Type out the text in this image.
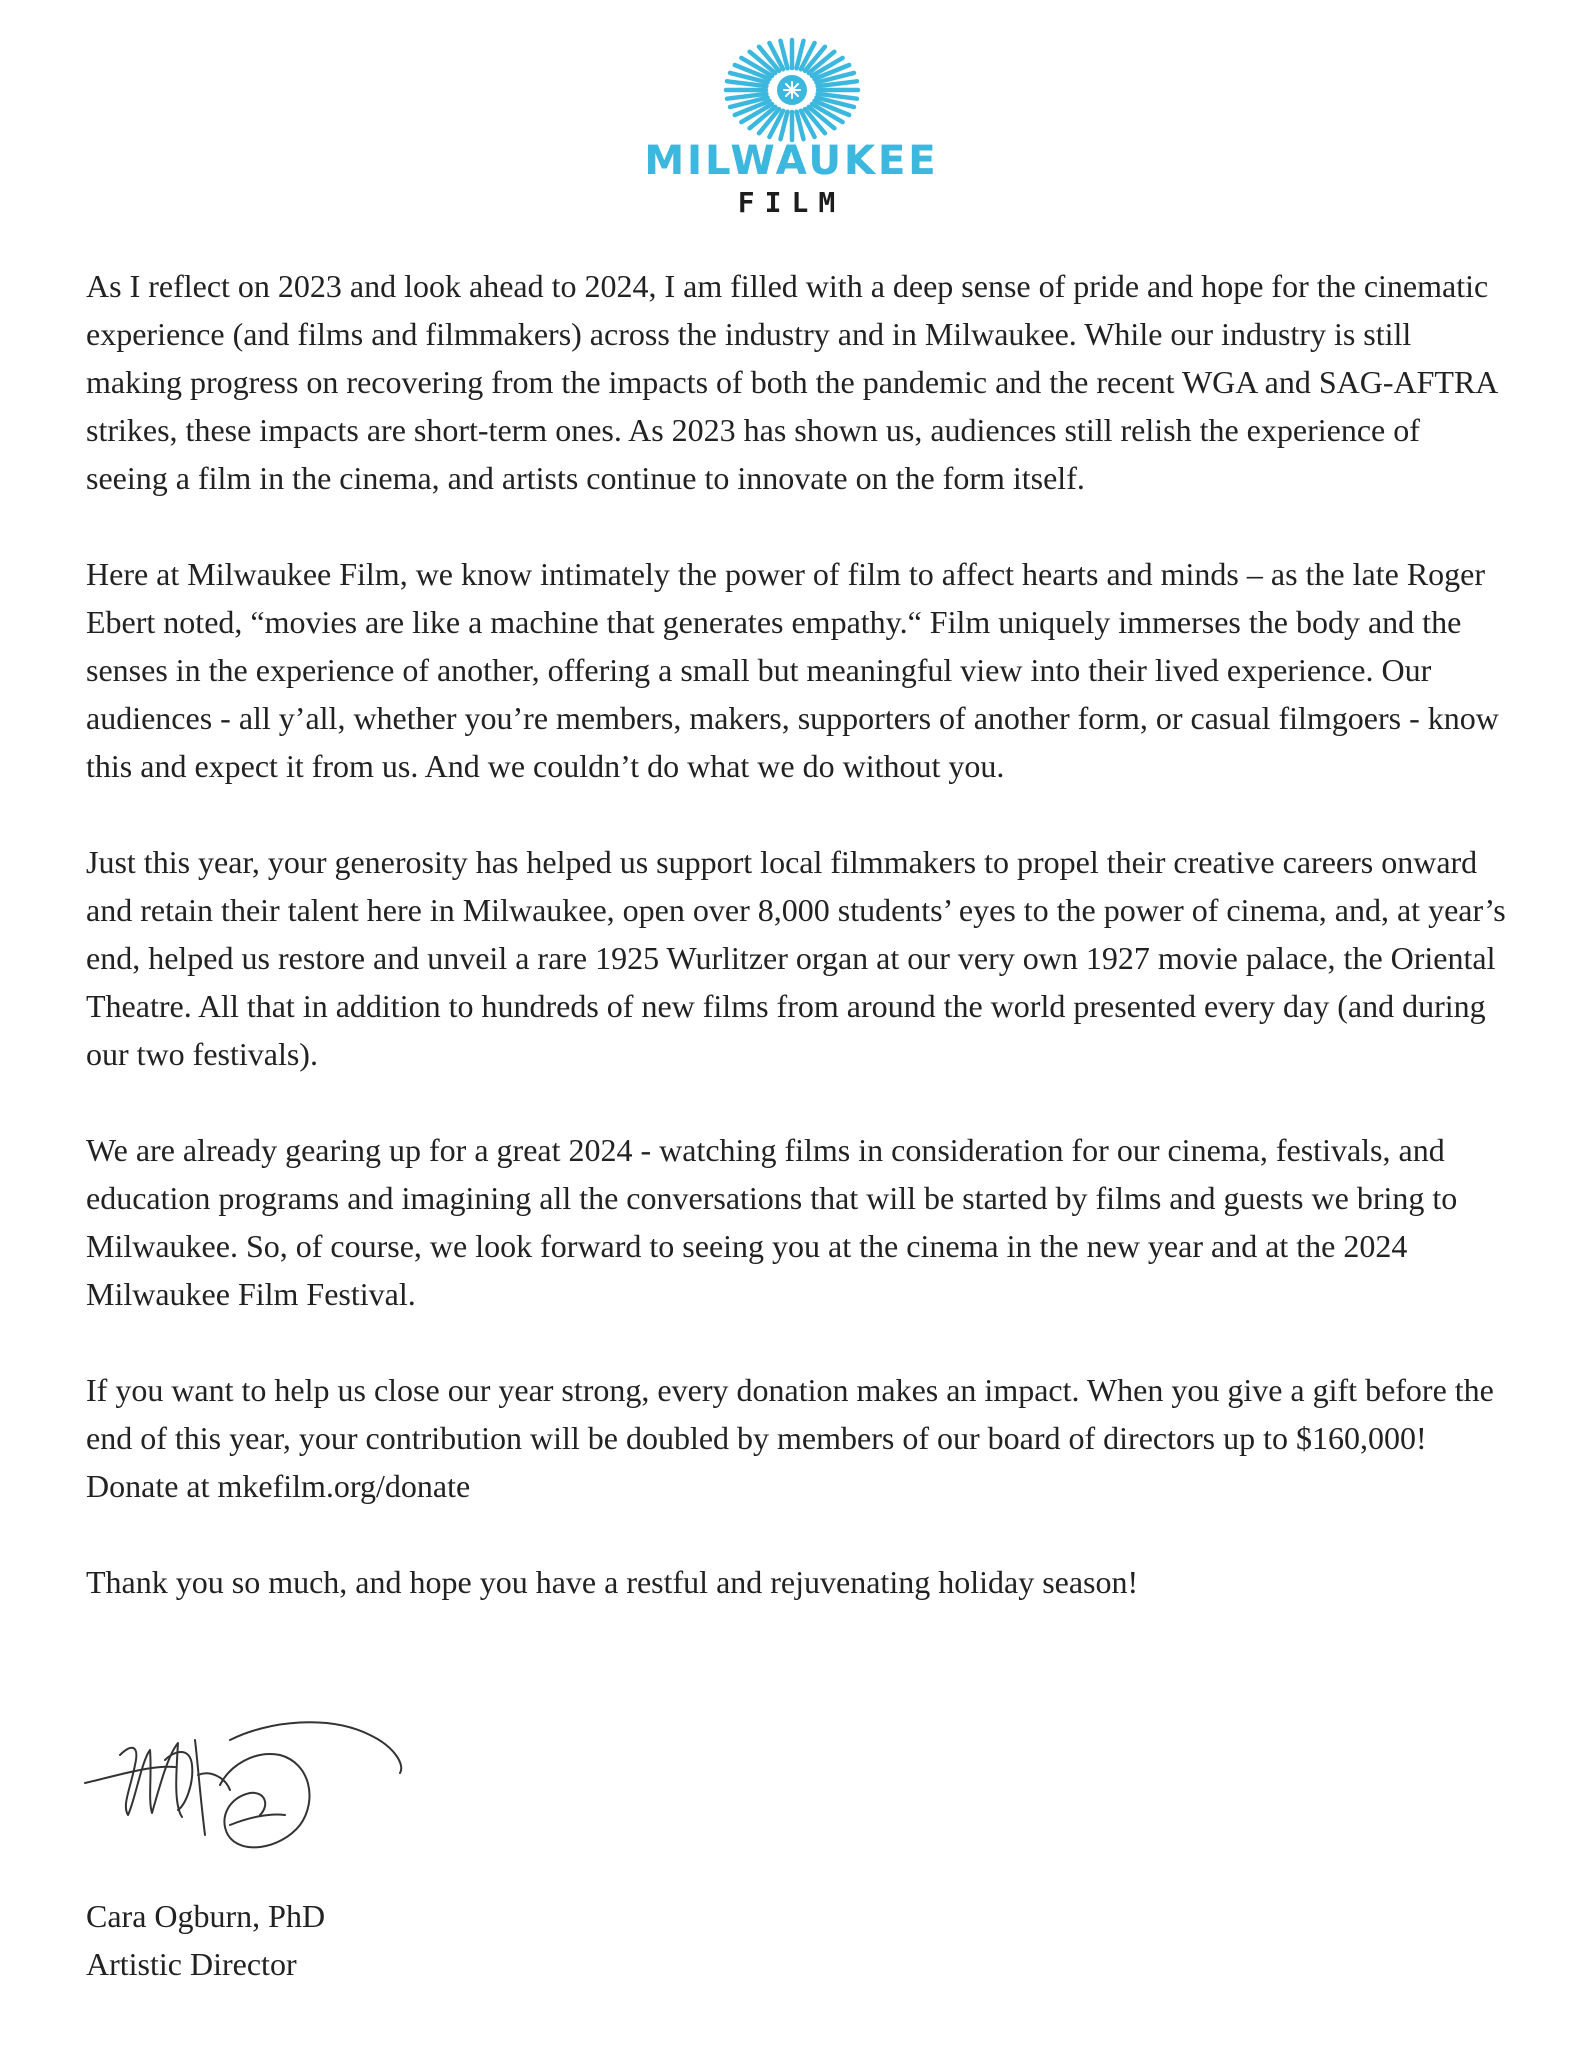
MILWAUKEE
FILM

As I reflect on 2023 and look ahead to 2024, I am filled with a deep sense of pride and hope for the cinematic experience (and films and filmmakers) across the industry and in Milwaukee. While our industry is still making progress on recovering from the impacts of both the pandemic and the recent WGA and SAG-AFTRA strikes, these impacts are short-term ones. As 2023 has shown us, audiences still relish the experience of seeing a film in the cinema, and artists continue to innovate on the form itself.

Here at Milwaukee Film, we know intimately the power of film to affect hearts and minds – as the late Roger Ebert noted, “movies are like a machine that generates empathy.“ Film uniquely immerses the body and the senses in the experience of another, offering a small but meaningful view into their lived experience. Our audiences - all y’all, whether you’re members, makers, supporters of another form, or casual filmgoers - know this and expect it from us. And we couldn’t do what we do without you.

Just this year, your generosity has helped us support local filmmakers to propel their creative careers onward and retain their talent here in Milwaukee, open over 8,000 students’ eyes to the power of cinema, and, at year’s end, helped us restore and unveil a rare 1925 Wurlitzer organ at our very own 1927 movie palace, the Oriental Theatre. All that in addition to hundreds of new films from around the world presented every day (and during our two festivals).

We are already gearing up for a great 2024 - watching films in consideration for our cinema, festivals, and education programs and imagining all the conversations that will be started by films and guests we bring to Milwaukee. So, of course, we look forward to seeing you at the cinema in the new year and at the 2024 Milwaukee Film Festival.

If you want to help us close our year strong, every donation makes an impact. When you give a gift before the end of this year, your contribution will be doubled by members of our board of directors up to $160,000! Donate at mkefilm.org/donate

Thank you so much, and hope you have a restful and rejuvenating holiday season!

Cara Ogburn, PhD
Artistic Director
